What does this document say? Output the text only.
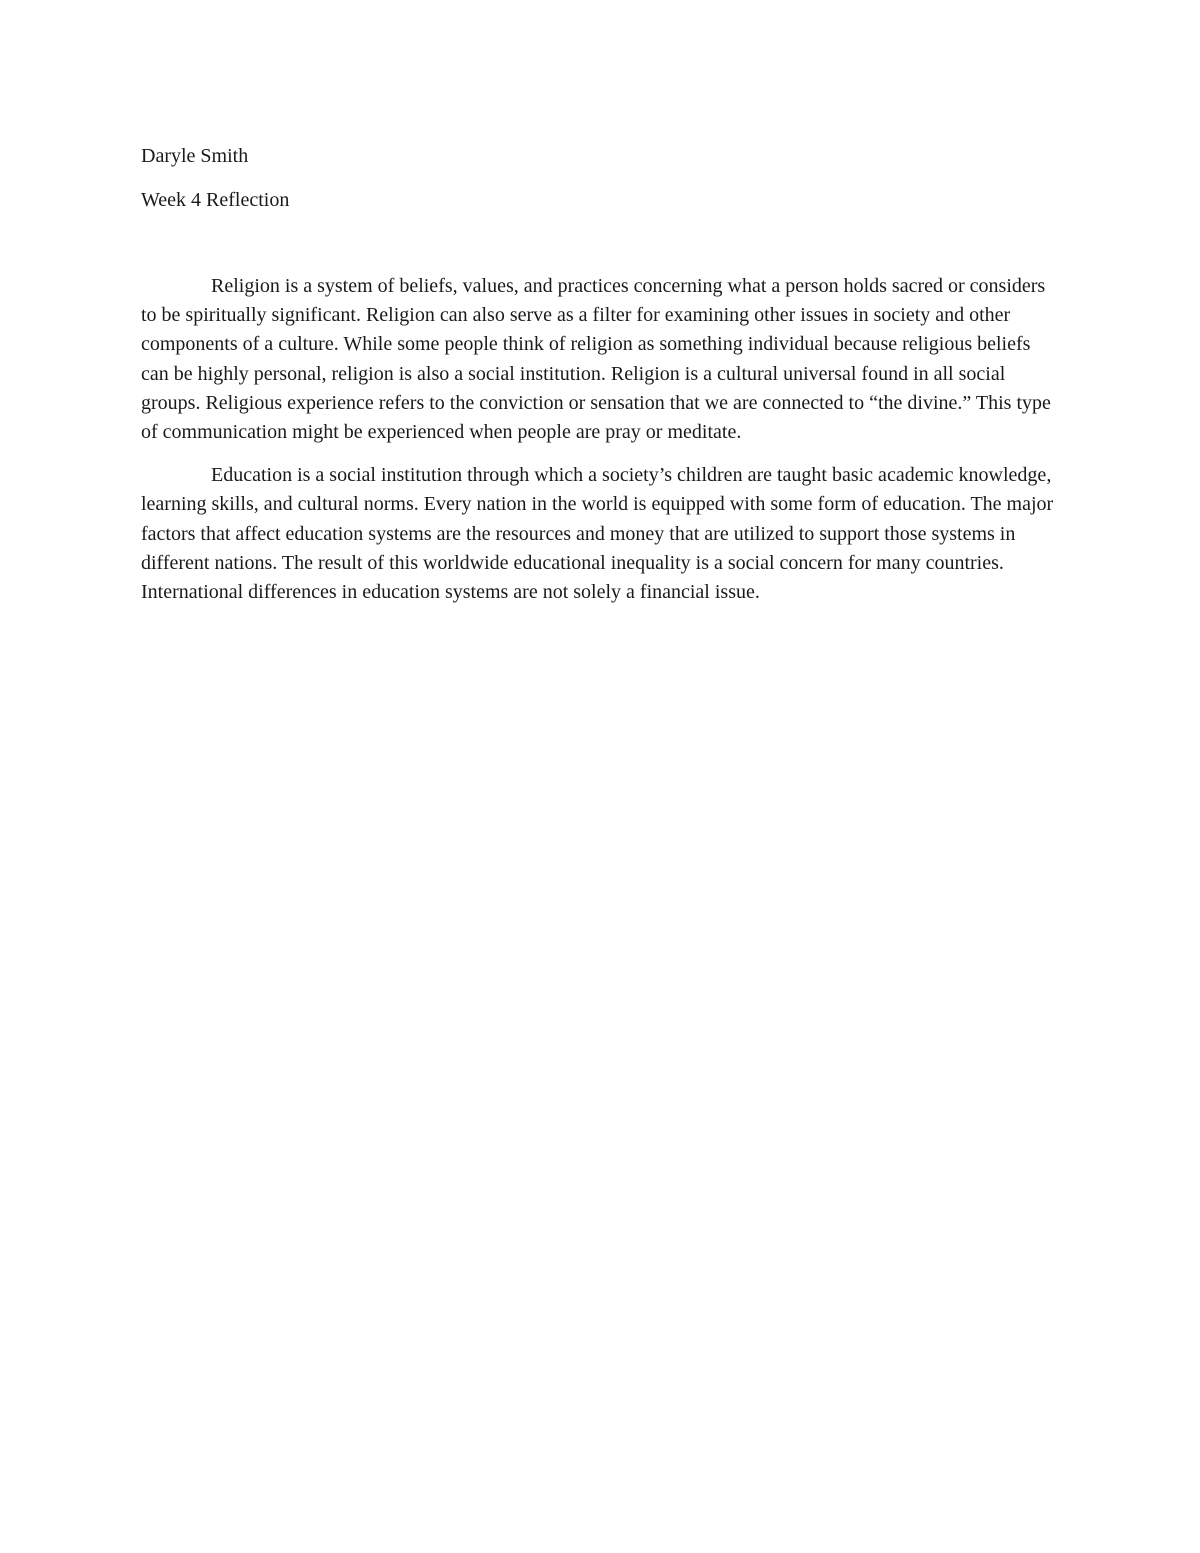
Daryle Smith

Week 4 Reflection

Religion is a system of beliefs, values, and practices concerning what a person holds sacred or considers to be spiritually significant. Religion can also serve as a filter for examining other issues in society and other components of a culture. While some people think of religion as something individual because religious beliefs can be highly personal, religion is also a social institution. Religion is a cultural universal found in all social groups. Religious experience refers to the conviction or sensation that we are connected to “the divine.” This type of communication might be experienced when people are pray or meditate.

Education is a social institution through which a society’s children are taught basic academic knowledge, learning skills, and cultural norms. Every nation in the world is equipped with some form of education. The major factors that affect education systems are the resources and money that are utilized to support those systems in different nations. The result of this worldwide educational inequality is a social concern for many countries. International differences in education systems are not solely a financial issue.
